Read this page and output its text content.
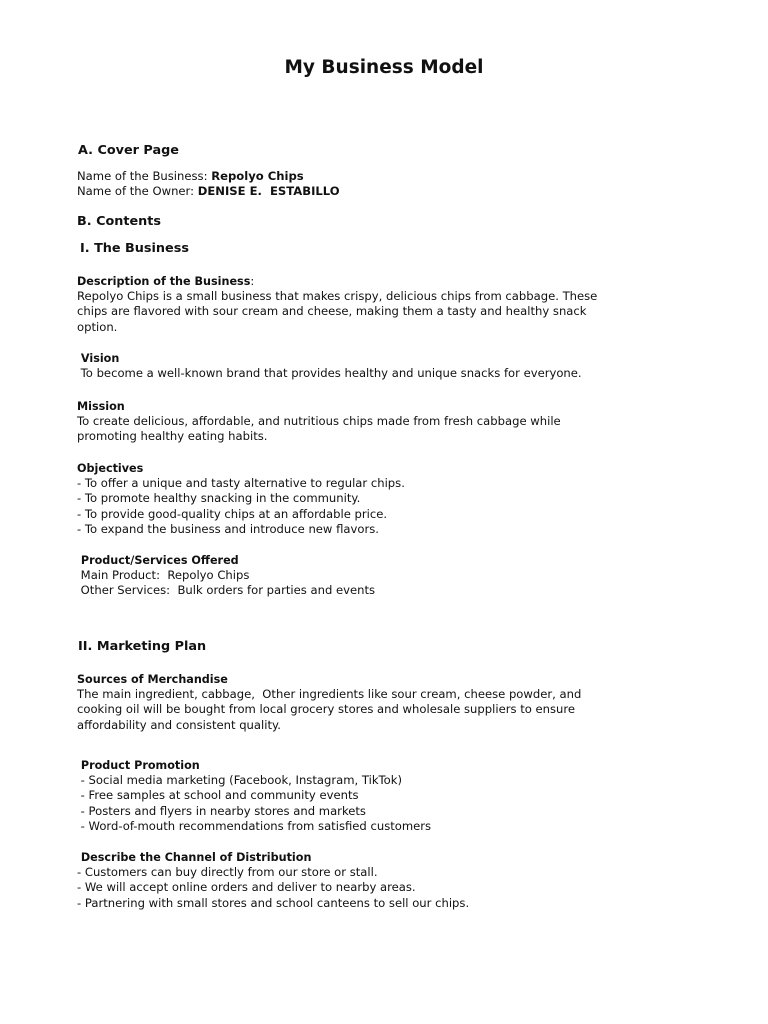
My Business Model
A. Cover Page
Name of the Business: Repolyo Chips
Name of the Owner: DENISE E.  ESTABILLO
B. Contents
I. The Business
Description of the Business:
Repolyo Chips is a small business that makes crispy, delicious chips from cabbage. These
chips are flavored with sour cream and cheese, making them a tasty and healthy snack
option.
Vision
To become a well-known brand that provides healthy and unique snacks for everyone.
Mission
To create delicious, affordable, and nutritious chips made from fresh cabbage while
promoting healthy eating habits.
Objectives
- To offer a unique and tasty alternative to regular chips.
- To promote healthy snacking in the community.
- To provide good-quality chips at an affordable price.
- To expand the business and introduce new flavors.
Product/Services Offered
Main Product:  Repolyo Chips
Other Services:  Bulk orders for parties and events
II. Marketing Plan
Sources of Merchandise
The main ingredient, cabbage,  Other ingredients like sour cream, cheese powder, and
cooking oil will be bought from local grocery stores and wholesale suppliers to ensure
affordability and consistent quality.
Product Promotion
- Social media marketing (Facebook, Instagram, TikTok)
- Free samples at school and community events
- Posters and flyers in nearby stores and markets
- Word-of-mouth recommendations from satisfied customers
Describe the Channel of Distribution
- Customers can buy directly from our store or stall.
- We will accept online orders and deliver to nearby areas.
- Partnering with small stores and school canteens to sell our chips.
